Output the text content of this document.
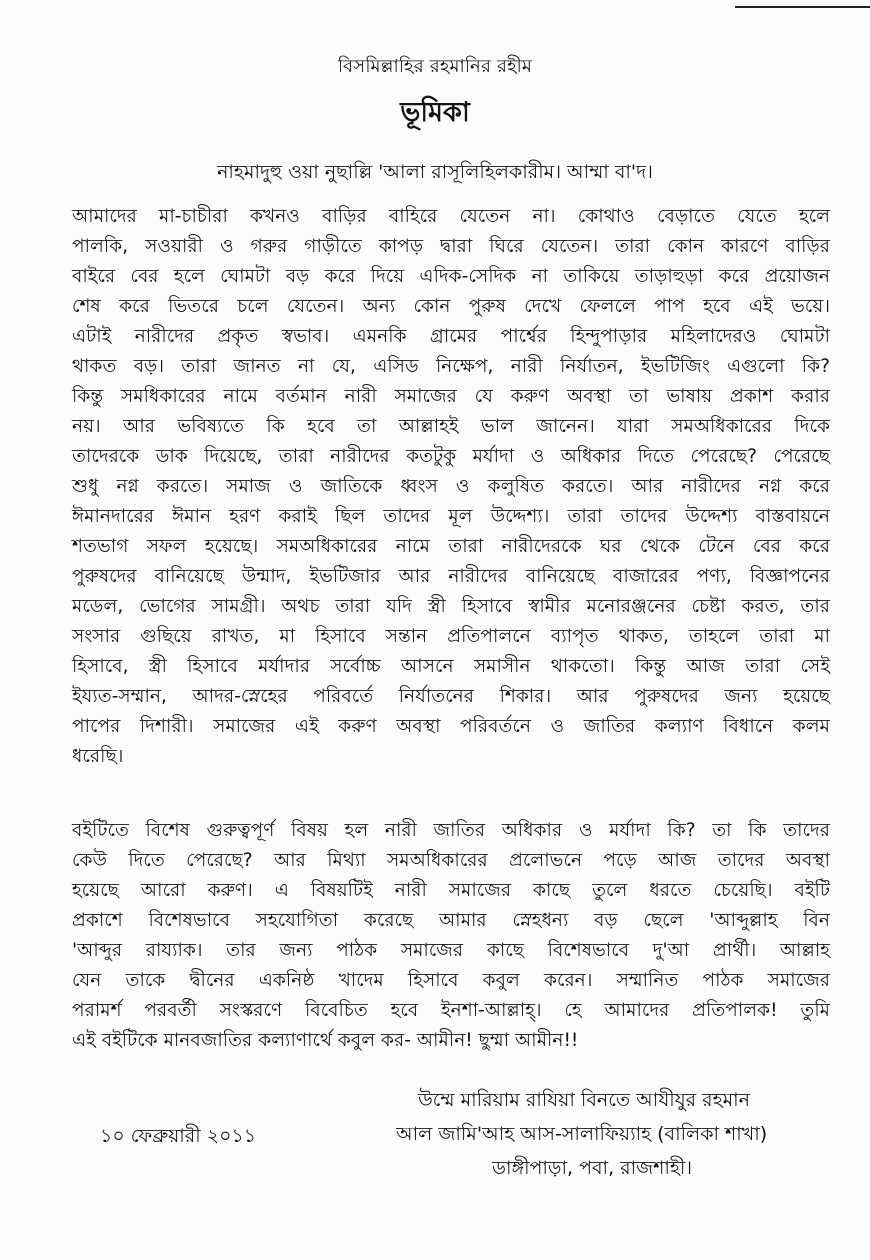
বিসমিল্লাহির রহমানির রহীম
ভূমিকা
নাহমাদুহু ওয়া নুছাল্লি 'আলা রাসূলিহিলকারীম। আম্মা বা'দ।
আমাদের মা-চাচীরা কখনও বাড়ির বাহিরে যেতেন না। কোথাও বেড়াতে যেতে হলে
পালকি, সওয়ারী ও গরুর গাড়ীতে কাপড় দ্বারা ঘিরে যেতেন। তারা কোন কারণে বাড়ির
বাইরে বের হলে ঘোমটা বড় করে দিয়ে এদিক-সেদিক না তাকিয়ে তাড়াহুড়া করে প্রয়োজন
শেষ করে ভিতরে চলে যেতেন। অন্য কোন পুরুষ দেখে ফেললে পাপ হবে এই ভয়ে।
এটাই নারীদের প্রকৃত স্বভাব। এমনকি গ্রামের পার্শ্বের হিন্দুপাড়ার মহিলাদেরও ঘোমটা
থাকত বড়। তারা জানত না যে, এসিড নিক্ষেপ, নারী নির্যাতন, ইভটিজিং এগুলো কি?
কিন্তু সমধিকারের নামে বর্তমান নারী সমাজের যে করুণ অবস্থা তা ভাষায় প্রকাশ করার
নয়। আর ভবিষ্যতে কি হবে তা আল্লাহই ভাল জানেন। যারা সমঅধিকারের দিকে
তাদেরকে ডাক দিয়েছে, তারা নারীদের কতটুকু মর্যাদা ও অধিকার দিতে পেরেছে? পেরেছে
শুধু নগ্ন করতে। সমাজ ও জাতিকে ধ্বংস ও কলুষিত করতে। আর নারীদের নগ্ন করে
ঈমানদারের ঈমান হরণ করাই ছিল তাদের মূল উদ্দেশ্য। তারা তাদের উদ্দেশ্য বাস্তবায়নে
শতভাগ সফল হয়েছে। সমঅধিকারের নামে তারা নারীদেরকে ঘর থেকে টেনে বের করে
পুরুষদের বানিয়েছে উন্মাদ, ইভটিজার আর নারীদের বানিয়েছে বাজারের পণ্য, বিজ্ঞাপনের
মডেল, ভোগের সামগ্রী। অথচ তারা যদি স্ত্রী হিসাবে স্বামীর মনোরঞ্জনের চেষ্টা করত, তার
সংসার গুছিয়ে রাখত, মা হিসাবে সন্তান প্রতিপালনে ব্যাপৃত থাকত, তাহলে তারা মা
হিসাবে, স্ত্রী হিসাবে মর্যাদার সর্বোচ্চ আসনে সমাসীন থাকতো। কিন্তু আজ তারা সেই
ইয্যত-সম্মান, আদর-স্নেহের পরিবর্তে নির্যাতনের শিকার। আর পুরুষদের জন্য হয়েছে
পাপের দিশারী। সমাজের এই করুণ অবস্থা পরিবর্তনে ও জাতির কল্যাণ বিধানে কলম
ধরেছি।
বইটিতে বিশেষ গুরুত্বপূর্ণ বিষয় হল নারী জাতির অধিকার ও মর্যাদা কি? তা কি তাদের
কেউ দিতে পেরেছে? আর মিথ্যা সমঅধিকারের প্রলোভনে পড়ে আজ তাদের অবস্থা
হয়েছে আরো করুণ। এ বিষয়টিই নারী সমাজের কাছে তুলে ধরতে চেয়েছি। বইটি
প্রকাশে বিশেষভাবে সহযোগিতা করেছে আমার স্নেহধন্য বড় ছেলে 'আব্দুল্লাহ বিন
'আব্দুর রায্যাক। তার জন্য পাঠক সমাজের কাছে বিশেষভাবে দু'আ প্রার্থী। আল্লাহ
যেন তাকে দ্বীনের একনিষ্ঠ খাদেম হিসাবে কবুল করেন। সম্মানিত পাঠক সমাজের
পরামর্শ পরবর্তী সংস্করণে বিবেচিত হবে ইনশা-আল্লাহ্। হে আমাদের প্রতিপালক! তুমি
এই বইটিকে মানবজাতির কল্যাণার্থে কবুল কর- আমীন! ছুম্মা আমীন!!
উম্মে মারিয়াম রাযিয়া বিনতে আযীযুর রহমান
১০ ফেব্রুয়ারী ২০১১	আল জামি'আহ আস-সালাফিয়্যাহ (বালিকা শাখা)
ডাঙ্গীপাড়া, পবা, রাজশাহী।
